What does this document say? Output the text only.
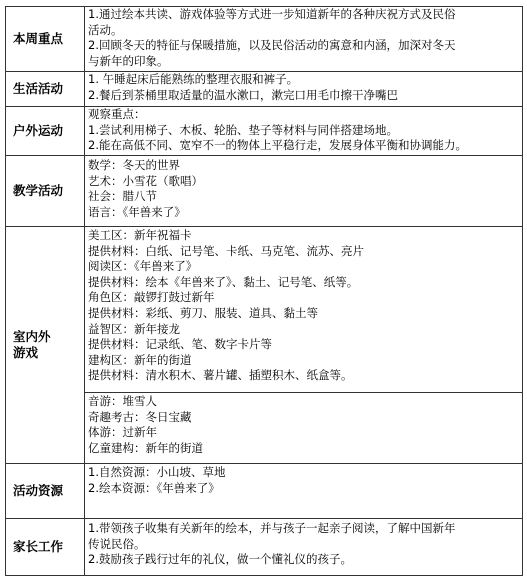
本周重点
1.通过绘本共读、游戏体验等方式进一步知道新年的各种庆祝方式及民俗
活动。
2.回顾冬天的特征与保暖措施，以及民俗活动的寓意和内涵，加深对冬天
与新年的印象。
生活活动
1. 午睡起床后能熟练的整理衣服和裤子。
2.餐后到茶桶里取适量的温水漱口，漱完口用毛巾擦干净嘴巴
户外运动
观察重点：
1.尝试利用梯子、木板、轮胎、垫子等材料与同伴搭建场地。
2.能在高低不同、宽窄不一的物体上平稳行走，发展身体平衡和协调能力。
教学活动
数学：冬天的世界
艺术：小雪花（歌唱）
社会：腊八节
语言：《年兽来了》
室内外
游戏
美工区：新年祝福卡
提供材料：白纸、记号笔、卡纸、马克笔、流苏、亮片
阅读区：《年兽来了》
提供材料：绘本《年兽来了》、黏土、记号笔、纸等。
角色区：敲锣打鼓过新年
提供材料：彩纸、剪刀、服装、道具、黏土等
益智区：新年接龙
提供材料：记录纸、笔、数字卡片等
建构区：新年的街道
提供材料：清水积木、薯片罐、插塑积木、纸盒等。
音游：堆雪人
奇趣考古：冬日宝藏
体游：过新年
亿童建构：新年的街道
活动资源
1.自然资源：小山坡、草地
2.绘本资源：《年兽来了》
家长工作
1.带领孩子收集有关新年的绘本，并与孩子一起亲子阅读，了解中国新年
传说民俗。
2.鼓励孩子践行过年的礼仪，做一个懂礼仪的孩子。
